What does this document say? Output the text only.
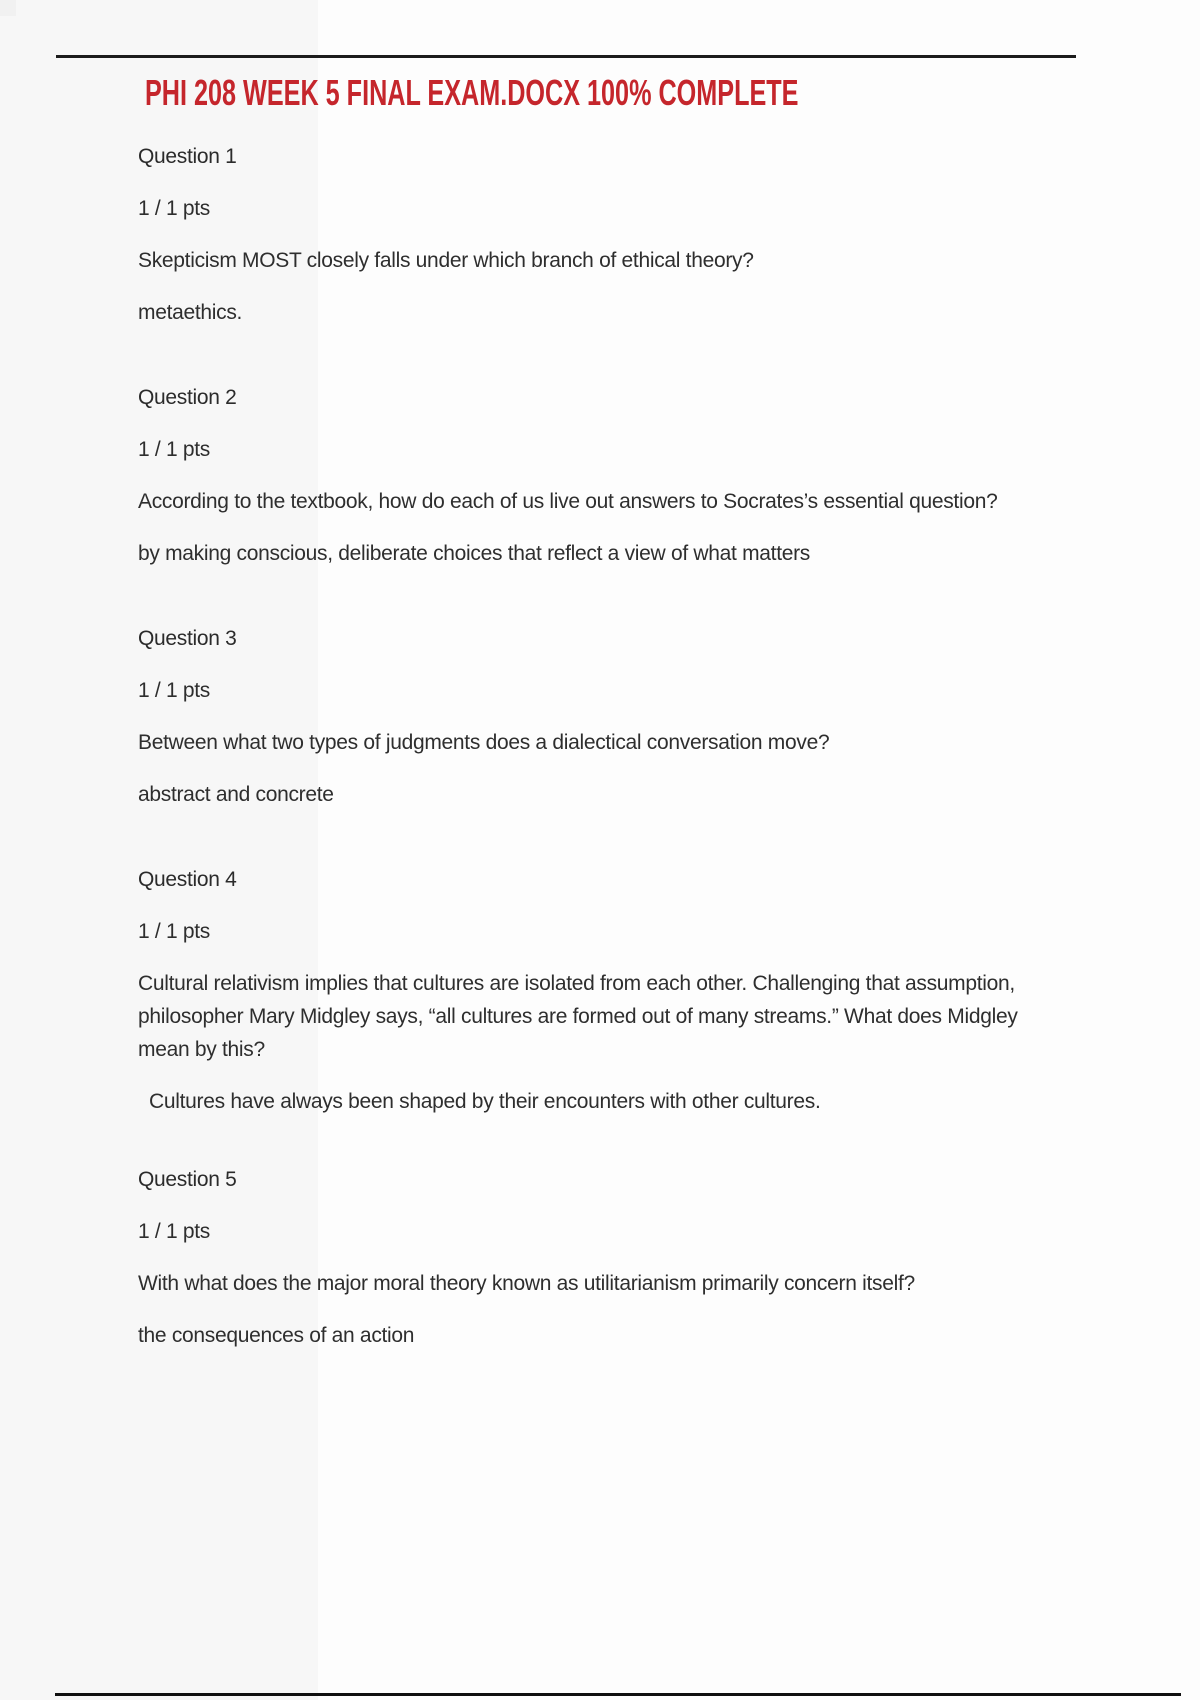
PHI 208 WEEK 5 FINAL EXAM.DOCX 100% COMPLETE

Question 1

1 / 1 pts

Skepticism MOST closely falls under which branch of ethical theory?

metaethics.

Question 2

1 / 1 pts

According to the textbook, how do each of us live out answers to Socrates’s essential question?

by making conscious, deliberate choices that reflect a view of what matters

Question 3

1 / 1 pts

Between what two types of judgments does a dialectical conversation move?

abstract and concrete

Question 4

1 / 1 pts

Cultural relativism implies that cultures are isolated from each other. Challenging that assumption,
philosopher Mary Midgley says, “all cultures are formed out of many streams.” What does Midgley
mean by this?

Cultures have always been shaped by their encounters with other cultures.

Question 5

1 / 1 pts

With what does the major moral theory known as utilitarianism primarily concern itself?

the consequences of an action
